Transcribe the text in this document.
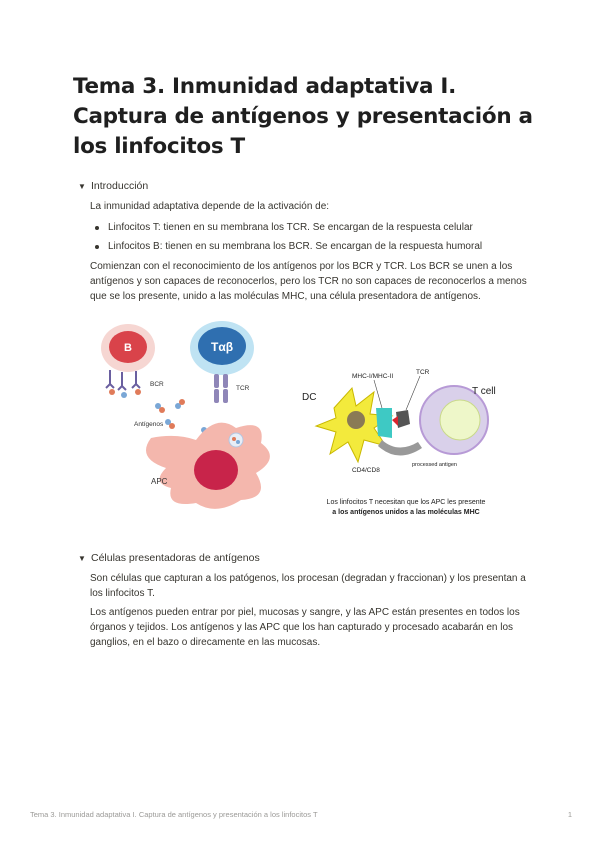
Tema 3. Inmunidad adaptativa I. Captura de antígenos y presentación a los linfocitos T
▼ Introducción

La inmunidad adaptativa depende de la activación de:

Linfocitos T: tienen en su membrana los TCR. Se encargan de la respuesta celular
Linfocitos B: tienen en su membrana los BCR. Se encargan de la respuesta humoral

Comienzan con el reconocimiento de los antígenos por los BCR y TCR. Los BCR se unen a los antígenos y son capaces de reconocerlos, pero los TCR no son capaces de reconocerlos a menos que se los presente, unido a las moléculas MHC, una célula presentadora de antígenos.

B
BCR
Tαβ
TCR
Antígenos
APC
DC
MHC-I/MHC-II
TCR
processed antigen
CD4/CD8
T cell
Los linfocitos T necesitan que los APC les presente
a los antígenos unidos a las moléculas MHC
▼ Células presentadoras de antígenos

Son células que capturan a los patógenos, los procesan (degradan y fraccionan) y los presentan a los linfocitos T.

Los antígenos pueden entrar por piel, mucosas y sangre, y las APC están presentes en todos los órganos y tejidos. Los antígenos y las APC que los han capturado y procesado acabarán en los ganglios, en el bazo o direcamente en las mucosas.

Tema 3. Inmunidad adaptativa I. Captura de antígenos y presentación a los linfocitos T	1
